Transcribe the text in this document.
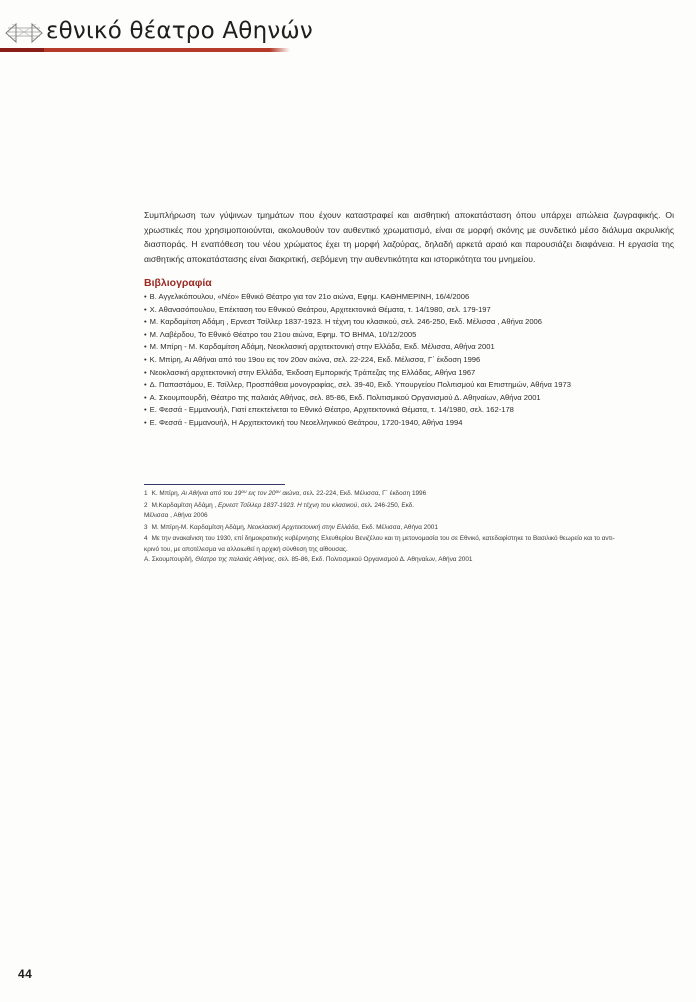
εθνικό θέατρο Αθηνών

Συμπλήρωση των γύψινων τμημάτων που έχουν καταστραφεί και αισθητική αποκατάσταση όπου υπάρχει απώλεια ζωγραφικής. Οι χρωστικές που χρησιμοποιούνται, ακολουθούν τον αυθεντικό χρωματισμό, είναι σε μορφή σκόνης με συνδετικό μέσο διάλυμα ακρυλικής διασποράς. Η εναπόθεση του νέου χρώματος έχει τη μορφή λαζούρας, δηλαδή αρκετά αραιό και παρουσιάζει διαφάνεια. Η εργασία της αισθητικής αποκατάστασης είναι διακριτική, σεβόμενη την αυθεντικότητα και ιστορικότητα του μνημείου.

Βιβλιογραφία
• Β. Αγγελικόπουλου, «Νέο» Εθνικό Θέατρο για τον 21ο αιώνα, Εφημ. ΚΑΘΗΜΕΡΙΝΗ, 16/4/2006
• Χ. Αθανασόπουλου, Επέκταση του Εθνικού Θεάτρου, Αρχιτεκτονικά Θέματα, τ. 14/1980, σελ. 179-197
• Μ. Καρδαμίτση Αδάμη , Ερνεστ Τσίλλερ 1837-1923. Η τέχνη του κλασικού, σελ. 246-250, Εκδ. Μέλισσα , Αθήνα 2006
• Μ. Λαβέρδου, Το Εθνικό Θέατρο του 21ου αιώνα, Εφημ. ΤΟ ΒΗΜΑ, 10/12/2005
• Μ. Μπίρη - Μ. Καρδαμίτση Αδάμη, Νεοκλασική αρχιτεκτονική στην Ελλάδα, Εκδ. Μέλισσα, Αθήνα 2001
• Κ. Μπίρη, Αι Αθήναι από του 19ου εις τον 20ον αιώνα, σελ. 22-224, Εκδ. Μέλισσα, Γ΄ έκδοση 1996
• Νεοκλασική αρχιτεκτονική στην Ελλάδα, Έκδοση Εμπορικής Τράπεζας της Ελλάδας, Αθήνα 1967
• Δ. Παπαστάμου, Ε. Τσίλλερ, Προσπάθεια μονογραφίας, σελ. 39-40, Εκδ. Υπουργείου Πολιτισμού και Επιστημών, Αθήνα 1973
• Α. Σκουμπουρδή, Θέατρο της παλαιάς Αθήνας, σελ. 85-86, Εκδ. Πολιτισμικού Οργανισμού Δ. Αθηναίων, Αθήνα 2001
• Ε. Φεσσά - Εμμανουήλ, Γιατί επεκτείνεται το Εθνικό Θέατρο, Αρχιτεκτονικά Θέματα, τ. 14/1980, σελ. 162-178
• Ε. Φεσσά - Εμμανουήλ, Η Αρχιτεκτονική του Νεοελληνικού Θεάτρου, 1720-1940, Αθήνα 1994
1 Κ. Μπίρη, Αι Αθήναι από του $19^{o\upsilon}$ εις τον $20^{o\nu}$ αιώνα, σελ. 22-224, Εκδ. Μέλισσα, Γ΄ έκδοση 1996
2 Μ.Καρδαμίτση Αδάμη , Ερνεστ Τσίλλερ 1837-1923. Η τέχνη του κλασικού, σελ. 246-250, Εκδ.
Μέλισσα , Αθήνα 2006
3 Μ. Μπίρη-Μ. Καρδαμίτση Αδάμη, Νεοκλασική Αρχιτεκτονική στην Ελλάδα, Εκδ. Μέλισσα, Αθήνα 2001
4 Με την ανακαίνιση του 1930, επί δημοκρατικής κυβέρνησης Ελευθερίου Βενιζέλου και τη μετονομασία του σε Εθνικό, κατεδαφίστηκε το Βασιλικό θεωρείο και το αντι-
κρινό του, με αποτέλεσμα να αλλοιωθεί η αρχική σύνθεση της αίθουσας.
Α. Σκουμπουρδή, Θέατρο της παλαιάς Αθήνας, σελ. 85-86, Εκδ. Πολιτισμικού Οργανισμού Δ. Αθηναίων, Αθήνα 2001
44
